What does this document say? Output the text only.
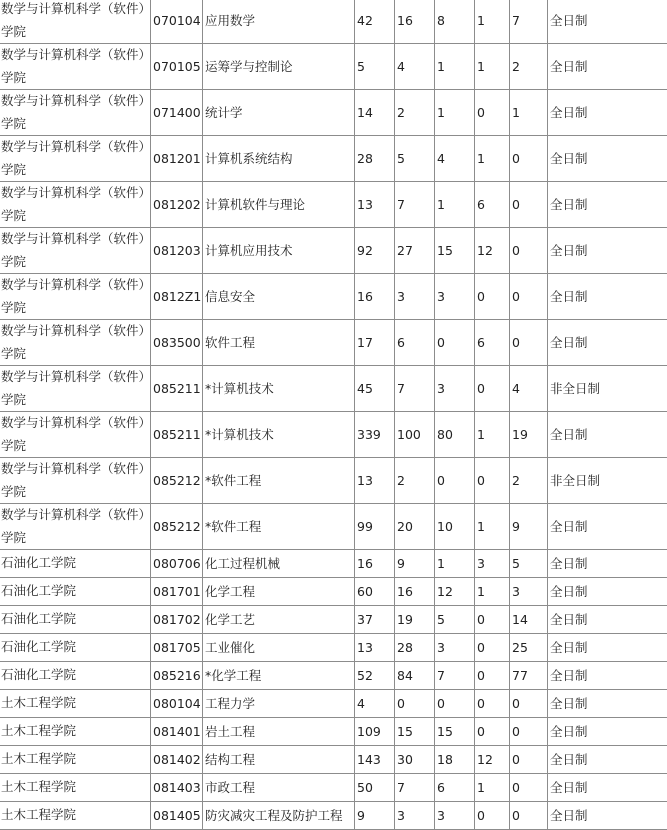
数学与计算机科学（软件）学院	070104	应用数学	42	16	8	1	7	全日制
数学与计算机科学（软件）学院	070105	运筹学与控制论	5	4	1	1	2	全日制
数学与计算机科学（软件）学院	071400	统计学	14	2	1	0	1	全日制
数学与计算机科学（软件）学院	081201	计算机系统结构	28	5	4	1	0	全日制
数学与计算机科学（软件）学院	081202	计算机软件与理论	13	7	1	6	0	全日制
数学与计算机科学（软件）学院	081203	计算机应用技术	92	27	15	12	0	全日制
数学与计算机科学（软件）学院	0812Z1	信息安全	16	3	3	0	0	全日制
数学与计算机科学（软件）学院	083500	软件工程	17	6	0	6	0	全日制
数学与计算机科学（软件）学院	085211	*计算机技术	45	7	3	0	4	非全日制
数学与计算机科学（软件）学院	085211	*计算机技术	339	100	80	1	19	全日制
数学与计算机科学（软件）学院	085212	*软件工程	13	2	0	0	2	非全日制
数学与计算机科学（软件）学院	085212	*软件工程	99	20	10	1	9	全日制
石油化工学院	080706	化工过程机械	16	9	1	3	5	全日制
石油化工学院	081701	化学工程	60	16	12	1	3	全日制
石油化工学院	081702	化学工艺	37	19	5	0	14	全日制
石油化工学院	081705	工业催化	13	28	3	0	25	全日制
石油化工学院	085216	*化学工程	52	84	7	0	77	全日制
土木工程学院	080104	工程力学	4	0	0	0	0	全日制
土木工程学院	081401	岩土工程	109	15	15	0	0	全日制
土木工程学院	081402	结构工程	143	30	18	12	0	全日制
土木工程学院	081403	市政工程	50	7	6	1	0	全日制
土木工程学院	081405	防灾减灾工程及防护工程	9	3	3	0	0	全日制
